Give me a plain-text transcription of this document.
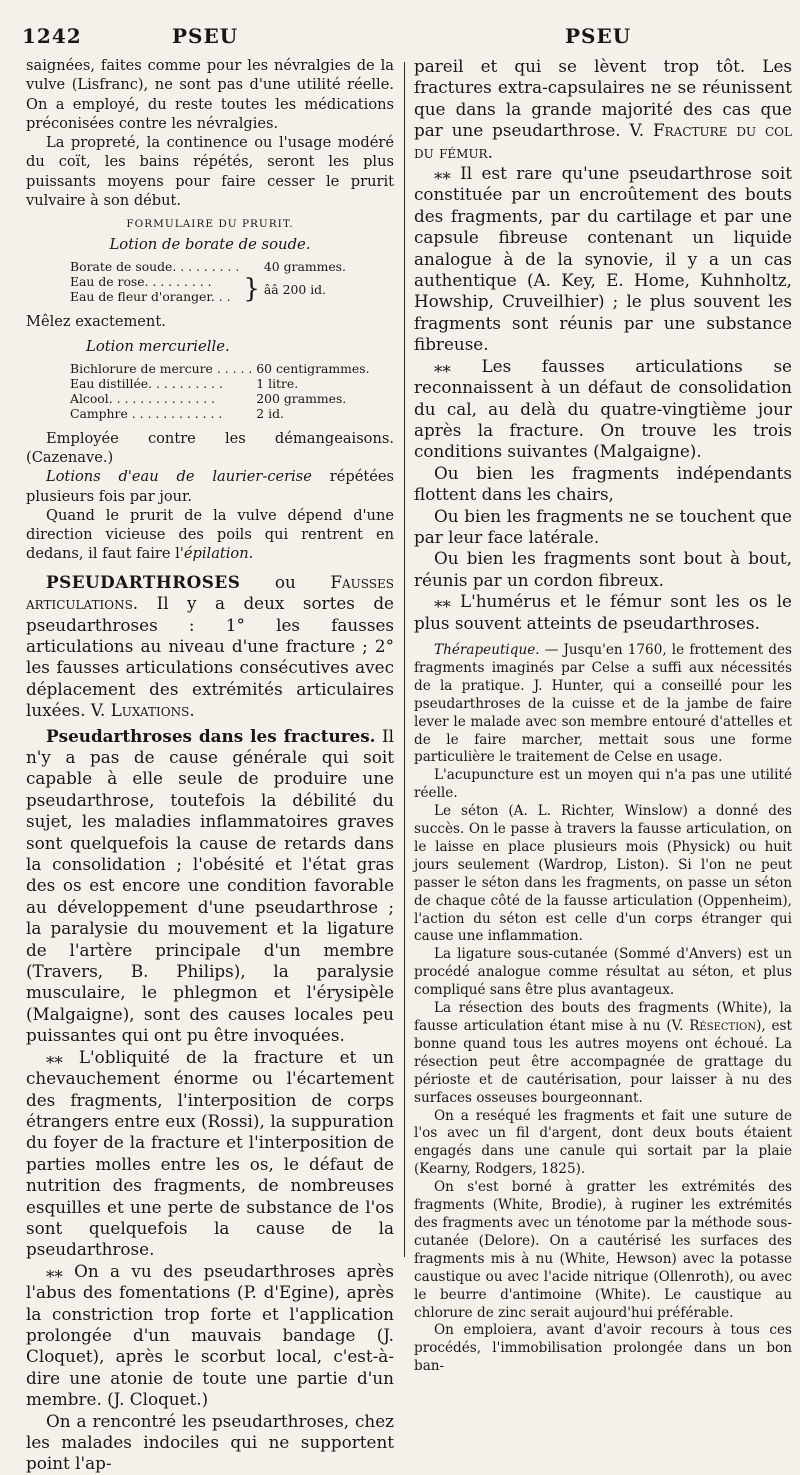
1242	PSEU	PSEU

saignées, faites comme pour les névralgies de la vulve (Lisfranc), ne sont pas d'une utilité réelle. On a employé, du reste toutes les médications préconisées contre les névralgies.

La propreté, la continence ou l'usage modéré du coït, les bains répétés, seront les plus puissants moyens pour faire cesser le prurit vulvaire à son début.

FORMULAIRE DU PRURIT.
Lotion de borate de soude.
Borate de soude. . . . . . . . .		40 grammes.
Eau de rose. . . . . . . . .	}	ââ 200 id.
Eau de fleur d'oranger. . .		

Mêlez exactement.

Lotion mercurielle.
Bichlorure de mercure . . . . .	60 centigrammes.
Eau distillée. . . . . . . . . .	1 litre.
Alcool. . . . . . . . . . . . . .	200 grammes.
Camphre . . . . . . . . . . . .	2 id.

Employée contre les démangeaisons. (Cazenave.)

Lotions d'eau de laurier-cerise répétées plusieurs fois par jour.

Quand le prurit de la vulve dépend d'une direction vicieuse des poils qui rentrent en dedans, il faut faire l'épilation.

PSEUDARTHROSES ou Fausses articulations. Il y a deux sortes de pseudarthroses : 1° les fausses articulations au niveau d'une fracture ; 2° les fausses articulations consécutives avec déplacement des extrémités articulaires luxées. V. Luxations.

Pseudarthroses dans les fractures. Il n'y a pas de cause générale qui soit capable à elle seule de produire une pseudarthrose, toutefois la débilité du sujet, les maladies inflammatoires graves sont quelquefois la cause de retards dans la consolidation ; l'obésité et l'état gras des os est encore une condition favorable au développement d'une pseudarthrose ; la paralysie du mouvement et la ligature de l'artère principale d'un membre (Travers, B. Philips), la paralysie musculaire, le phlegmon et l'érysipèle (Malgaigne), sont des causes locales peu puissantes qui ont pu être invoquées.

⁎⁎ L'obliquité de la fracture et un chevauchement énorme ou l'écartement des fragments, l'interposition de corps étrangers entre eux (Rossi), la suppuration du foyer de la fracture et l'interposition de parties molles entre les os, le défaut de nutrition des fragments, de nombreuses esquilles et une perte de substance de l'os sont quelquefois la cause de la pseudarthrose.

⁎⁎ On a vu des pseudarthroses après l'abus des fomentations (P. d'Egine), après la constriction trop forte et l'application prolongée d'un mauvais bandage (J. Cloquet), après le scorbut local, c'est-à-dire une atonie de toute une partie d'un membre. (J. Cloquet.)

On a rencontré les pseudarthroses, chez les malades indociles qui ne supportent point l'ap-

pareil et qui se lèvent trop tôt. Les fractures extra-capsulaires ne se réunissent que dans la grande majorité des cas que par une pseudarthrose. V. Fracture du col du fémur.

⁎⁎ Il est rare qu'une pseudarthrose soit constituée par un encroûtement des bouts des fragments, par du cartilage et par une capsule fibreuse contenant un liquide analogue à de la synovie, il y a un cas authentique (A. Key, E. Home, Kuhnholtz, Howship, Cruveilhier) ; le plus souvent les fragments sont réunis par une substance fibreuse.

⁎⁎ Les fausses articulations se reconnaissent à un défaut de consolidation du cal, au delà du quatre-vingtième jour après la fracture. On trouve les trois conditions suivantes (Malgaigne).

Ou bien les fragments indépendants flottent dans les chairs,

Ou bien les fragments ne se touchent que par leur face latérale.

Ou bien les fragments sont bout à bout, réunis par un cordon fibreux.

⁎⁎ L'humérus et le fémur sont les os le plus souvent atteints de pseudarthroses.

Thérapeutique. — Jusqu'en 1760, le frottement des fragments imaginés par Celse a suffi aux nécessités de la pratique. J. Hunter, qui a conseillé pour les pseudarthroses de la cuisse et de la jambe de faire lever le malade avec son membre entouré d'attelles et de le faire marcher, mettait sous une forme particulière le traitement de Celse en usage.

L'acupuncture est un moyen qui n'a pas une utilité réelle.

Le séton (A. L. Richter, Winslow) a donné des succès. On le passe à travers la fausse articulation, on le laisse en place plusieurs mois (Physick) ou huit jours seulement (Wardrop, Liston). Si l'on ne peut passer le séton dans les fragments, on passe un séton de chaque côté de la fausse articulation (Oppenheim), l'action du séton est celle d'un corps étranger qui cause une inflammation.

La ligature sous-cutanée (Sommé d'Anvers) est un procédé analogue comme résultat au séton, et plus compliqué sans être plus avantageux.

La résection des bouts des fragments (White), la fausse articulation étant mise à nu (V. Résection), est bonne quand tous les autres moyens ont échoué. La résection peut être accompagnée de grattage du périoste et de cautérisation, pour laisser à nu des surfaces osseuses bourgeonnant.

On a reséqué les fragments et fait une suture de l'os avec un fil d'argent, dont deux bouts étaient engagés dans une canule qui sortait par la plaie (Kearny, Rodgers, 1825).

On s'est borné à gratter les extrémités des fragments (White, Brodie), à ruginer les extrémités des fragments avec un ténotome par la méthode sous-cutanée (Delore). On a cautérisé les surfaces des fragments mis à nu (White, Hewson) avec la potasse caustique ou avec l'acide nitrique (Ollenroth), ou avec le beurre d'antimoine (White). Le caustique au chlorure de zinc serait aujourd'hui préférable.

On emploiera, avant d'avoir recours à tous ces procédés, l'immobilisation prolongée dans un bon ban-
